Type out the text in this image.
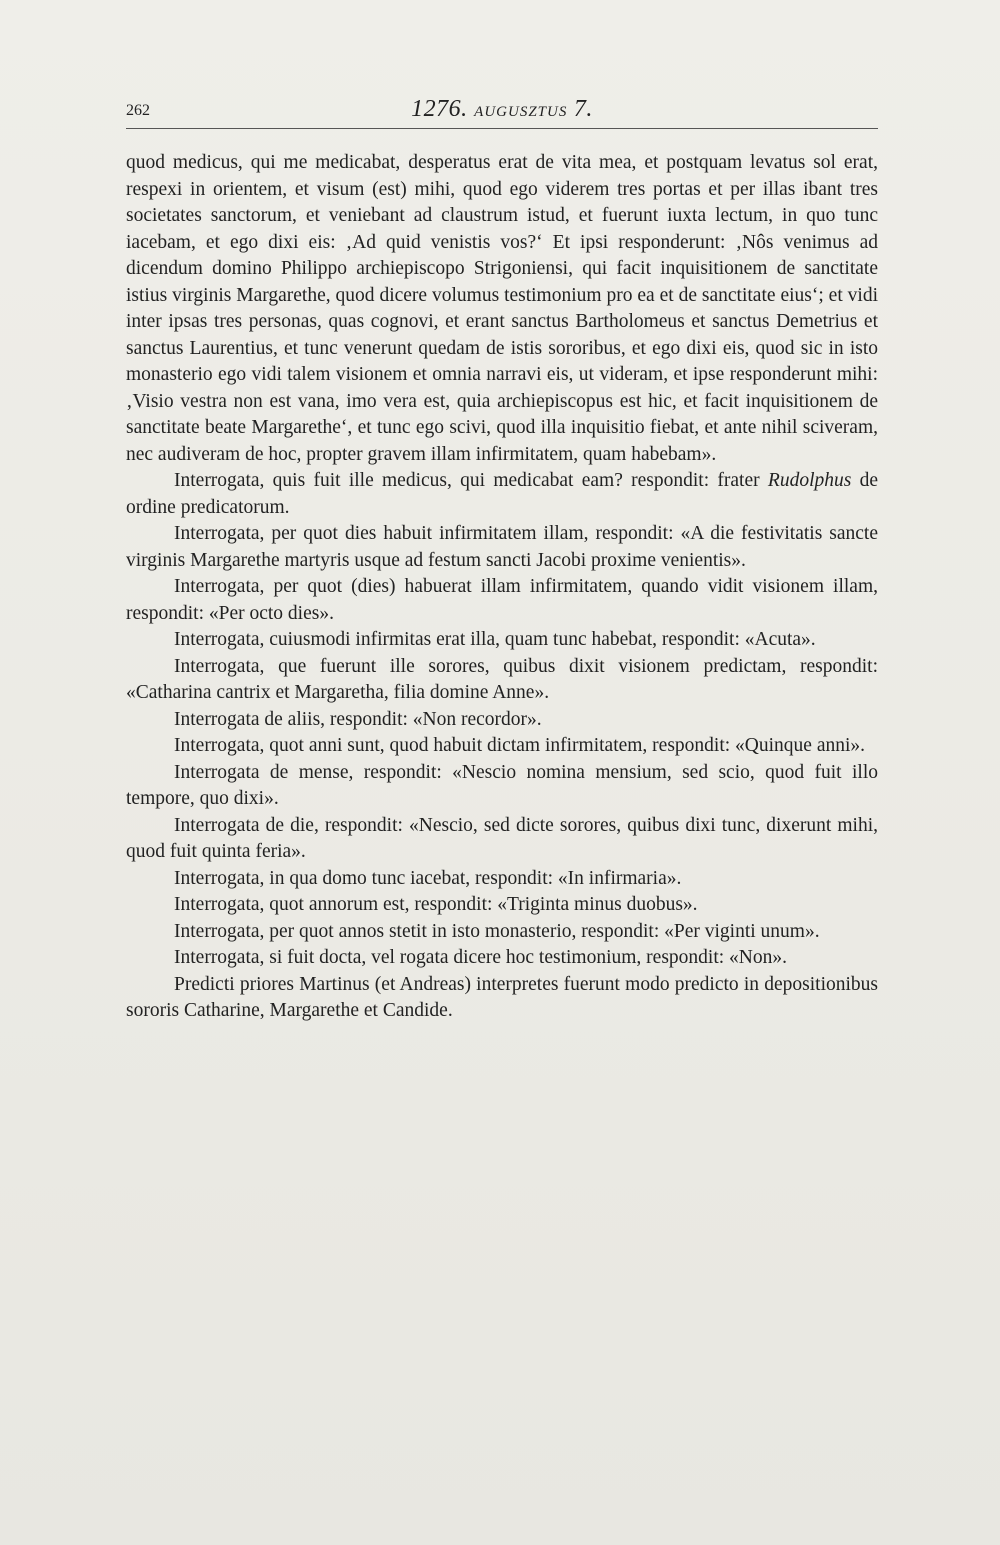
262	1276. AUGUSZTUS 7.

quod medicus, qui me medicabat, desperatus erat de vita mea, et postquam levatus sol erat, respexi in orientem, et visum (est) mihi, quod ego viderem tres portas et per illas ibant tres societates sanctorum, et veniebant ad claustrum istud, et fuerunt iuxta lectum, in quo tunc iacebam, et ego dixi eis: ‚Ad quid venistis vos?‘ Et ipsi responderunt: ‚Nôs venimus ad dicendum domino Philippo archiepiscopo Strigoniensi, qui facit inquisitionem de sanctitate istius virginis Margarethe, quod dicere volumus testimonium pro ea et de sanctitate eius‘; et vidi inter ipsas tres personas, quas cognovi, et erant sanctus Bartholomeus et sanctus Demetrius et sanctus Laurentius, et tunc venerunt quedam de istis sororibus, et ego dixi eis, quod sic in isto monasterio ego vidi talem visionem et omnia narravi eis, ut videram, et ipse responderunt mihi: ‚Visio vestra non est vana, imo vera est, quia archiepiscopus est hic, et facit inquisitionem de sanctitate beate Margarethe‘, et tunc ego scivi, quod illa inquisitio fiebat, et ante nihil sciveram, nec audiveram de hoc, propter gravem illam infirmitatem, quam habebam».

Interrogata, quis fuit ille medicus, qui medicabat eam? respondit: frater Rudolphus de ordine predicatorum.

Interrogata, per quot dies habuit infirmitatem illam, respondit: «A die festivitatis sancte virginis Margarethe martyris usque ad festum sancti Jacobi proxime venientis».

Interrogata, per quot (dies) habuerat illam infirmitatem, quando vidit visionem illam, respondit: «Per octo dies».

Interrogata, cuiusmodi infirmitas erat illa, quam tunc habebat, respondit: «Acuta».

Interrogata, que fuerunt ille sorores, quibus dixit visionem predictam, respondit: «Catharina cantrix et Margaretha, filia domine Anne».

Interrogata de aliis, respondit: «Non recordor».

Interrogata, quot anni sunt, quod habuit dictam infirmitatem, respondit: «Quinque anni».

Interrogata de mense, respondit: «Nescio nomina mensium, sed scio, quod fuit illo tempore, quo dixi».

Interrogata de die, respondit: «Nescio, sed dicte sorores, quibus dixi tunc, dixerunt mihi, quod fuit quinta feria».

Interrogata, in qua domo tunc iacebat, respondit: «In infirmaria».

Interrogata, quot annorum est, respondit: «Triginta minus duobus».

Interrogata, per quot annos stetit in isto monasterio, respondit: «Per viginti unum».

Interrogata, si fuit docta, vel rogata dicere hoc testimonium, respondit: «Non».

Predicti priores Martinus (et Andreas) interpretes fuerunt modo predicto in depositionibus sororis Catharine, Margarethe et Candide.
